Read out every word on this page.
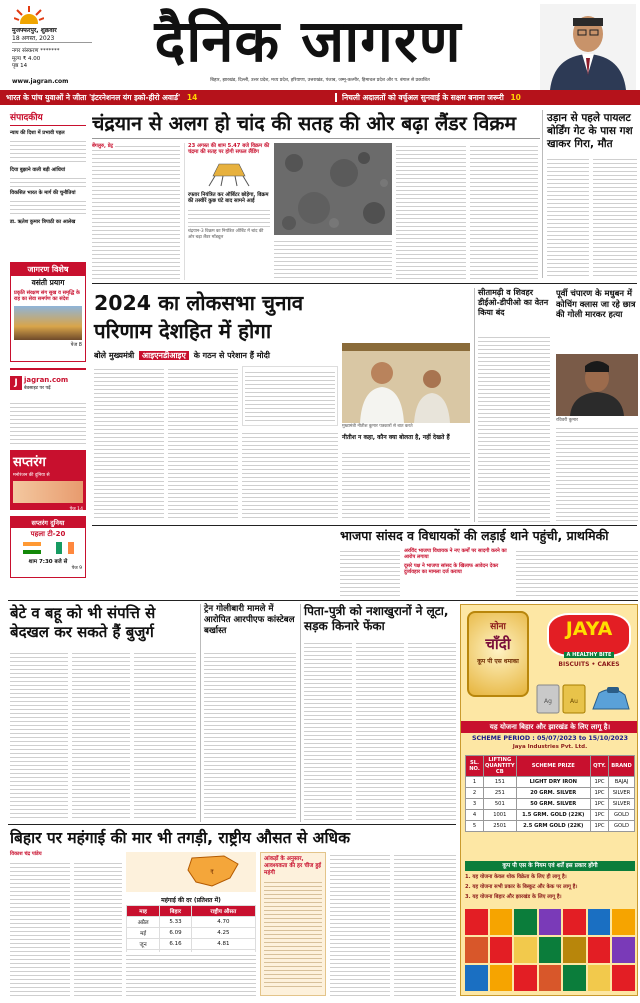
मुजफ्फरपुर, शुक्रवार
18 अगस्त, 2023
नगर संस्करण *******
मूल्य ₹ 4.00
पृष्ठ 14
www.jagran.com
दैनिक जागरण
बिहार, झारखंड, दिल्ली, उत्तर प्रदेश, मध्य प्रदेश, हरियाणा, उत्तराखंड, पंजाब, जम्मू-कश्मीर, हिमाचल प्रदेश और प. बंगाल से प्रकाशित
भारत के पांच युवाओं ने जीता 'इंटरनेशनल यंग इको-हीरो अवार्ड' 14	निचली अदालतों को वर्चुअल सुनवाई के सक्षम बनाना जरूरी 10
संपादकीय
न्याय की दिशा में प्रभावी पहल
दिया बुझाने वाली बड़ी आंधियां
विकसित भारत के मार्ग की चुनौतियां
डा. ऋतेश कुमार त्रिपाठी का आलेख
जागरण विशेष
वसंती प्रयाग
प्रकृति संरक्षण संग सुख व समृद्धि के राह का सेवा समर्पण का संदेश
पेज 8
J jagran.com
बेवसाइट पर पढ़ें
सप्तरंग
मनोरंजन की दुनिया से
पेज 14
सप्तरंग दुनिया
पहला टी-20
शाम 7:30 बजे से
पेज 9
चंद्रयान से अलग हो चांद की सतह की ओर बढ़ा लैंडर विक्रम
बेंगलुरु, प्रेट्र	23 अगस्त की शाम 5.47 बजे विक्रम की चंद्रमा की सतह पर होगी सफल लैंडिंग
रफ्तार नियंत्रित कर ऑर्बिटर छोड़ेगा, विक्रम की तस्वीरें कुछ घंटे बाद सामने आईं
चंद्रयान-3 विक्रम का नियंत्रित ऑर्बिट में चांद की ओर बढ़ा लैंडर मॉड्यूल
उड़ान से पहले पायलट बोर्डिंग गेट के पास गश खाकर गिरा, मौत
2024 का लोकसभा चुनाव
परिणाम देशहित में होगा
बोले मुख्यमंत्री आइएनडीआइए के गठन से परेशान हैं मोदी
मुख्यमंत्री नीतीश कुमार पत्रकारों से बात करते
नीतीश न कहा, कौन क्या बोलता है, नहीं देखते हैं
सीतामढ़ी व शिवहर डीईओ-डीपीओ का वेतन किया बंद
पूर्वी चंपारण के मधुबन में कोचिंग क्लास जा रहे छात्र की गोली मारकर हत्या
रविवरी कुमार
भाजपा सांसद व विधायकों की लड़ाई थाने पहुंची, प्राथमिकी
अरविंद भाजपा विधायक ने नए कर्मों पर सादगी करने का आरोप लगाया
दूसरे पक्ष ने भाजपा सांसद के खिलाफ आवेदन देकर दुर्व्यवहार का मामला दर्ज कराया
बेटे व बहू को भी संपत्ति से बेदखल कर सकते हैं बुजुर्ग
ट्रेन गोलीबारी मामले में आरोपित आरपीएफ कांस्टेबल बर्खास्त
पिता-पुत्री को नशाखुरानों ने लूटा, सड़क किनारे फेंका	सोना
चाँदी
कूप पी एस धमाका
JAYA
A HEALTHY BITE
BISCUITS • CAKES
Ag	Au
यह योजना बिहार और झारखंड के लिए लागू है।
SCHEME PERIOD : 05/07/2023 to 15/10/2023
Jaya Industries Pvt. Ltd.
SL. NO.	LIFTING QUANTITY CB	SCHEME PRIZE	QTY.	BRAND
1	151	LIGHT DRY IRON	1PC	BAJAJ
2	251	20 GRM. SILVER	1PC	SILVER
3	501	50 GRM. SILVER	1PC	SILVER
4	1001	1.5 GRM. GOLD (22K)	1PC	GOLD
5	2501	2.5 GRM GOLD (22K)	1PC	GOLD
कूप पी एस के नियम एवं शर्तें इस प्रकार होंगी
1. यह योजना केवल थोक विक्रेता के लिए ही लागू है।
2. यह योजना सभी प्रकार के बिस्कुट और केक पर लागू है।
3. यह योजना बिहार और झारखंड के लिए लागू है।
बिहार पर महंगाई की मार भी तगड़ी, राष्ट्रीय औसत से अधिक
विकाश चंद्र पांडेय
₹
महंगाई की दर (प्रतिशत में)
माह	बिहार	राष्ट्रीय औसत
अप्रैल	5.33	4.70
मई	6.09	4.25
जून	6.16	4.81

आंकड़ों के अनुसार, आवश्यकता की हर चीज हुई महंगी
